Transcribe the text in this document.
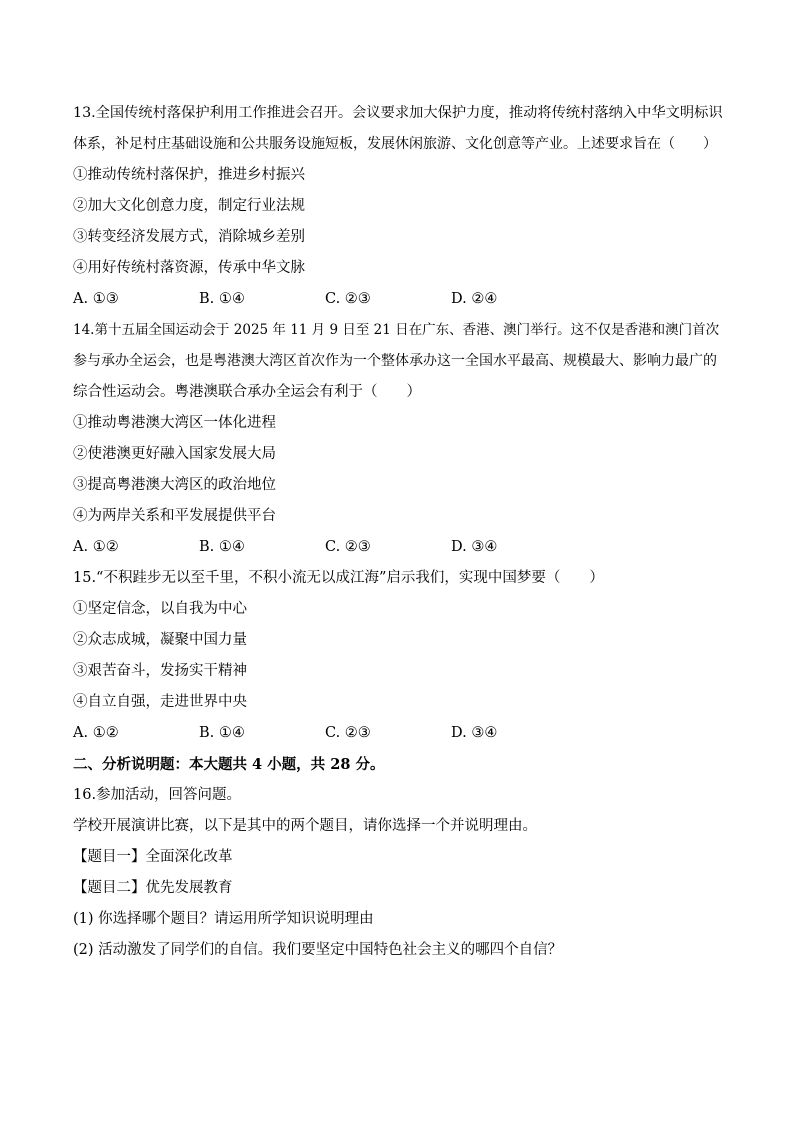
13.全国传统村落保护利用工作推进会召开。会议要求加大保护力度，推动将传统村落纳入中华文明标识
体系，补足村庄基础设施和公共服务设施短板，发展休闲旅游、文化创意等产业。上述要求旨在（　　）
①推动传统村落保护，推进乡村振兴
②加大文化创意力度，制定行业法规
③转变经济发展方式，消除城乡差别
④用好传统村落资源，传承中华文脉
A. ①③	B. ①④	C. ②③	D. ②④
14.第十五届全国运动会于 2025 年 11 月 9 日至 21 日在广东、香港、澳门举行。这不仅是香港和澳门首次
参与承办全运会，也是粤港澳大湾区首次作为一个整体承办这一全国水平最高、规模最大、影响力最广的
综合性运动会。粤港澳联合承办全运会有利于（　　）
①推动粤港澳大湾区一体化进程
②使港澳更好融入国家发展大局
③提高粤港澳大湾区的政治地位
④为两岸关系和平发展提供平台
A. ①②	B. ①④	C. ②③	D. ③④
15.“不积跬步无以至千里，不积小流无以成江海”启示我们，实现中国梦要（　　）
①坚定信念，以自我为中心
②众志成城，凝聚中国力量
③艰苦奋斗，发扬实干精神
④自立自强，走进世界中央
A. ①②	B. ①④	C. ②③	D. ③④
二、分析说明题：本大题共 4 小题，共 28 分。
16.参加活动，回答问题。
学校开展演讲比赛，以下是其中的两个题目，请你选择一个并说明理由。
【题目一】全面深化改革
【题目二】优先发展教育
(1) 你选择哪个题目？请运用所学知识说明理由
(2) 活动激发了同学们的自信。我们要坚定中国特色社会主义的哪四个自信？
